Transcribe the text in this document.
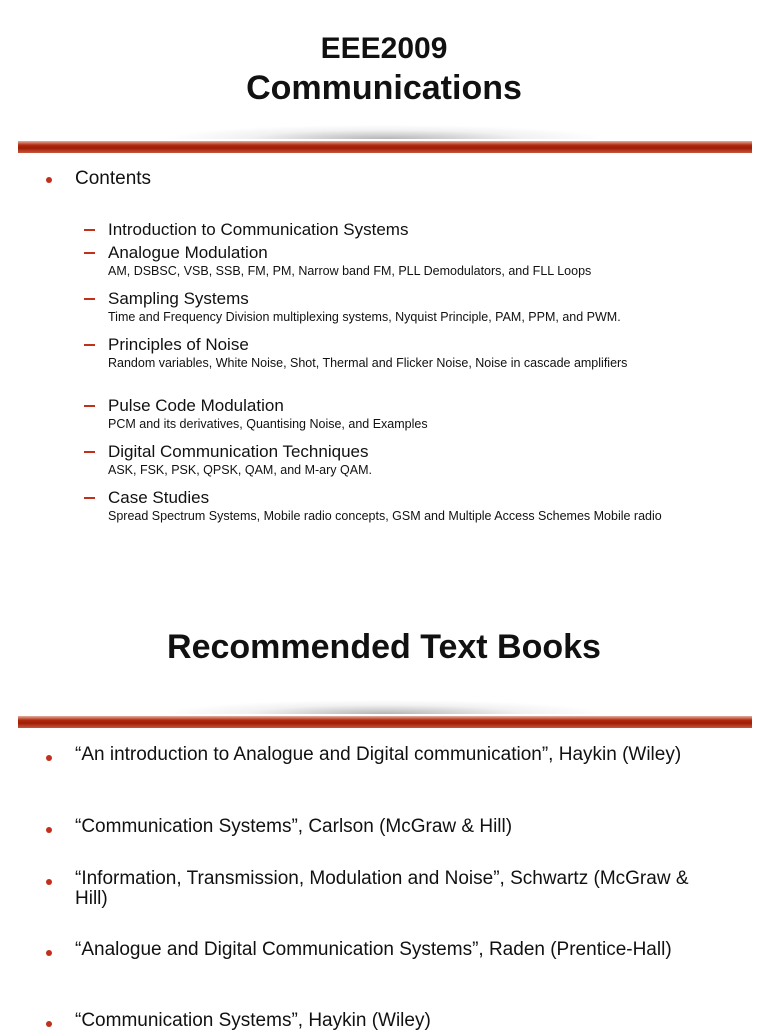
EEE2009
Communications
Contents
Introduction to Communication Systems
Analogue Modulation
AM, DSBSC, VSB, SSB, FM, PM, Narrow band FM, PLL Demodulators, and FLL Loops
Sampling Systems
Time and Frequency Division multiplexing systems, Nyquist Principle, PAM, PPM, and PWM.
Principles of Noise
Random variables, White Noise, Shot, Thermal and Flicker Noise, Noise in cascade amplifiers
Pulse Code Modulation
PCM and its derivatives, Quantising Noise, and Examples
Digital Communication Techniques
ASK, FSK, PSK, QPSK, QAM, and M-ary QAM.
Case Studies
Spread Spectrum Systems, Mobile radio concepts, GSM and Multiple Access Schemes Mobile radio
Recommended Text Books
“An introduction to Analogue and Digital communication”, Haykin (Wiley)
“Communication Systems”, Carlson (McGraw & Hill)
“Information, Transmission, Modulation and Noise”, Schwartz (McGraw & Hill)
“Analogue and Digital Communication Systems”, Raden (Prentice-Hall)
“Communication Systems”, Haykin (Wiley)
